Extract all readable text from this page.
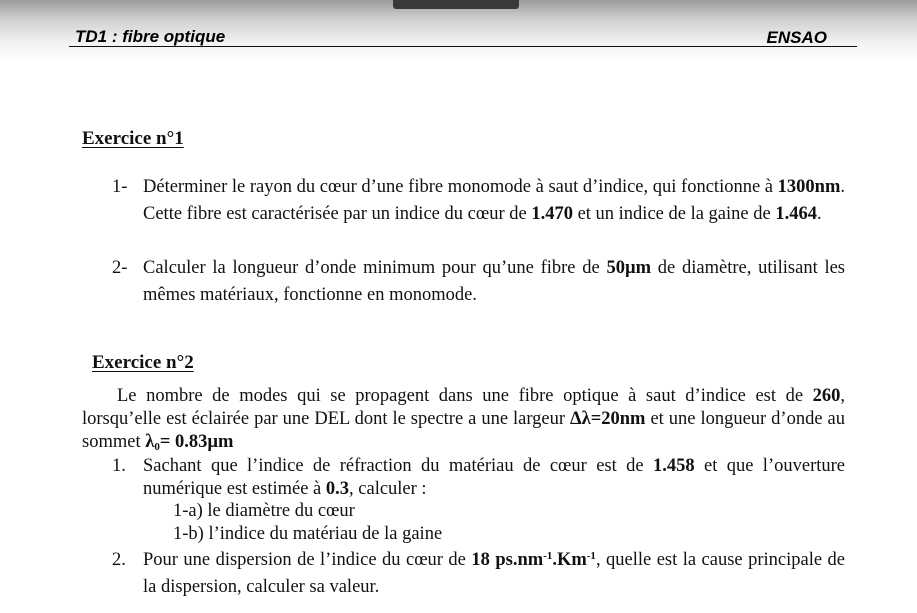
TD1 : fibre optique	ENSAO
Exercice n°1
1- Déterminer le rayon du cœur d’une fibre monomode à saut d’indice, qui fonctionne à 1300nm. Cette fibre est caractérisée par un indice du cœur de 1.470 et un indice de la gaine de 1.464.
2- Calculer la longueur d’onde minimum pour qu’une fibre de 50µm de diamètre, utilisant les mêmes matériaux, fonctionne en monomode.
Exercice n°2
Le nombre de modes qui se propagent dans une fibre optique à saut d’indice est de 260, lorsqu’elle est éclairée par une DEL dont le spectre a une largeur Δλ=20nm et une longueur d’onde au sommet $\lambda_0= 0.83\mu m$
1. Sachant que l’indice de réfraction du matériau de cœur est de 1.458 et que l’ouverture numérique est estimée à 0.3, calculer :
1-a) le diamètre du cœur
1-b) l’indice du matériau de la gaine
2. Pour une dispersion de l’indice du cœur de 18 $ps.nm^{-1}.Km^{-1}$, quelle est la cause principale de la dispersion, calculer sa valeur.
